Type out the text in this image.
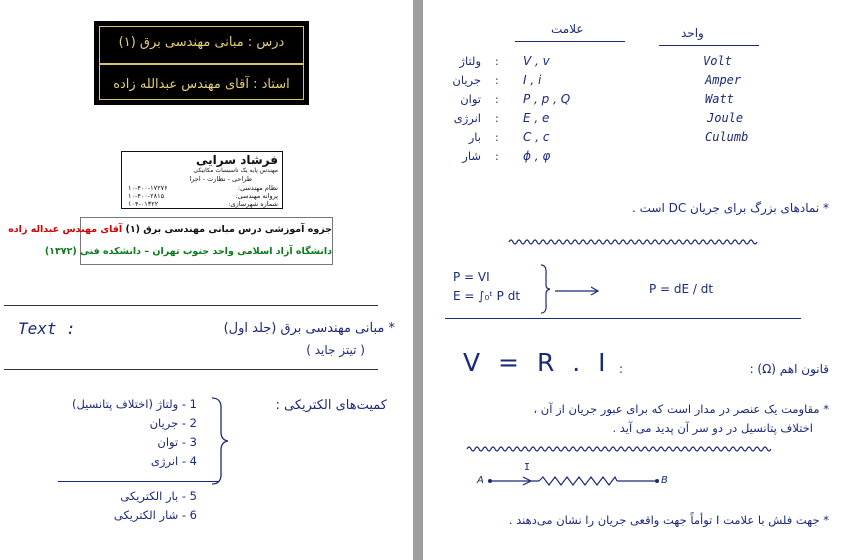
درس : مبانی مهندسی برق (۱)
استاد : آقای مهندس عبدالله زاده
فرشاد سرایی
مهندس پایه یک تاسیسات مکانیکی
طراحی - نظارت - اجرا
نظام مهندسی:
۱۰-۴۰۰-۱۷۲۷۶
پروانه مهندسی:
۱۰-۴۰۰-۲۸۱۵
شماره شهرسازی:
۱۰۴-۰۱۳۲۲
جزوه آموزشی درس مبانی مهندسی برق (۱) آقای مهندس عبداله زاده
دانشگاه آزاد اسلامی واحد جنوب تهران – دانشکده فنی (۱۳۷۲)
Text :	* مبانی مهندسی برق (جلد اول)
( تیتز جاید )
کمیت‌های الکتریکی :
1 - ولتاژ (اختلاف پتانسیل)
2 - جریان
3 - توان
4 - انرژی
5 - بار الکتریکی
6 - شار الکتریکی
علامت	واحد
ولتاژ : V , v	Volt
جریان : I , i	Amper
توان : P , p , Q	Watt
انرژی : E , e	Joule
بار : C , c	Culumb
شار : ϕ , φ
* نمادهای بزرگ برای جریان DC است .
P = VI
E = ∫₀ᵗ P dt	P = dE / dt
V = R . I :	قانون اهم (Ω) :
* مقاومت یک عنصر در مدار است که برای عبور جریان از آن ،
اختلاف پتانسیل در دو سر آن پدید می آید .
A
I
B
* جهت فلش با علامت I توأماً جهت واقعی جریان را نشان می‌دهند .
